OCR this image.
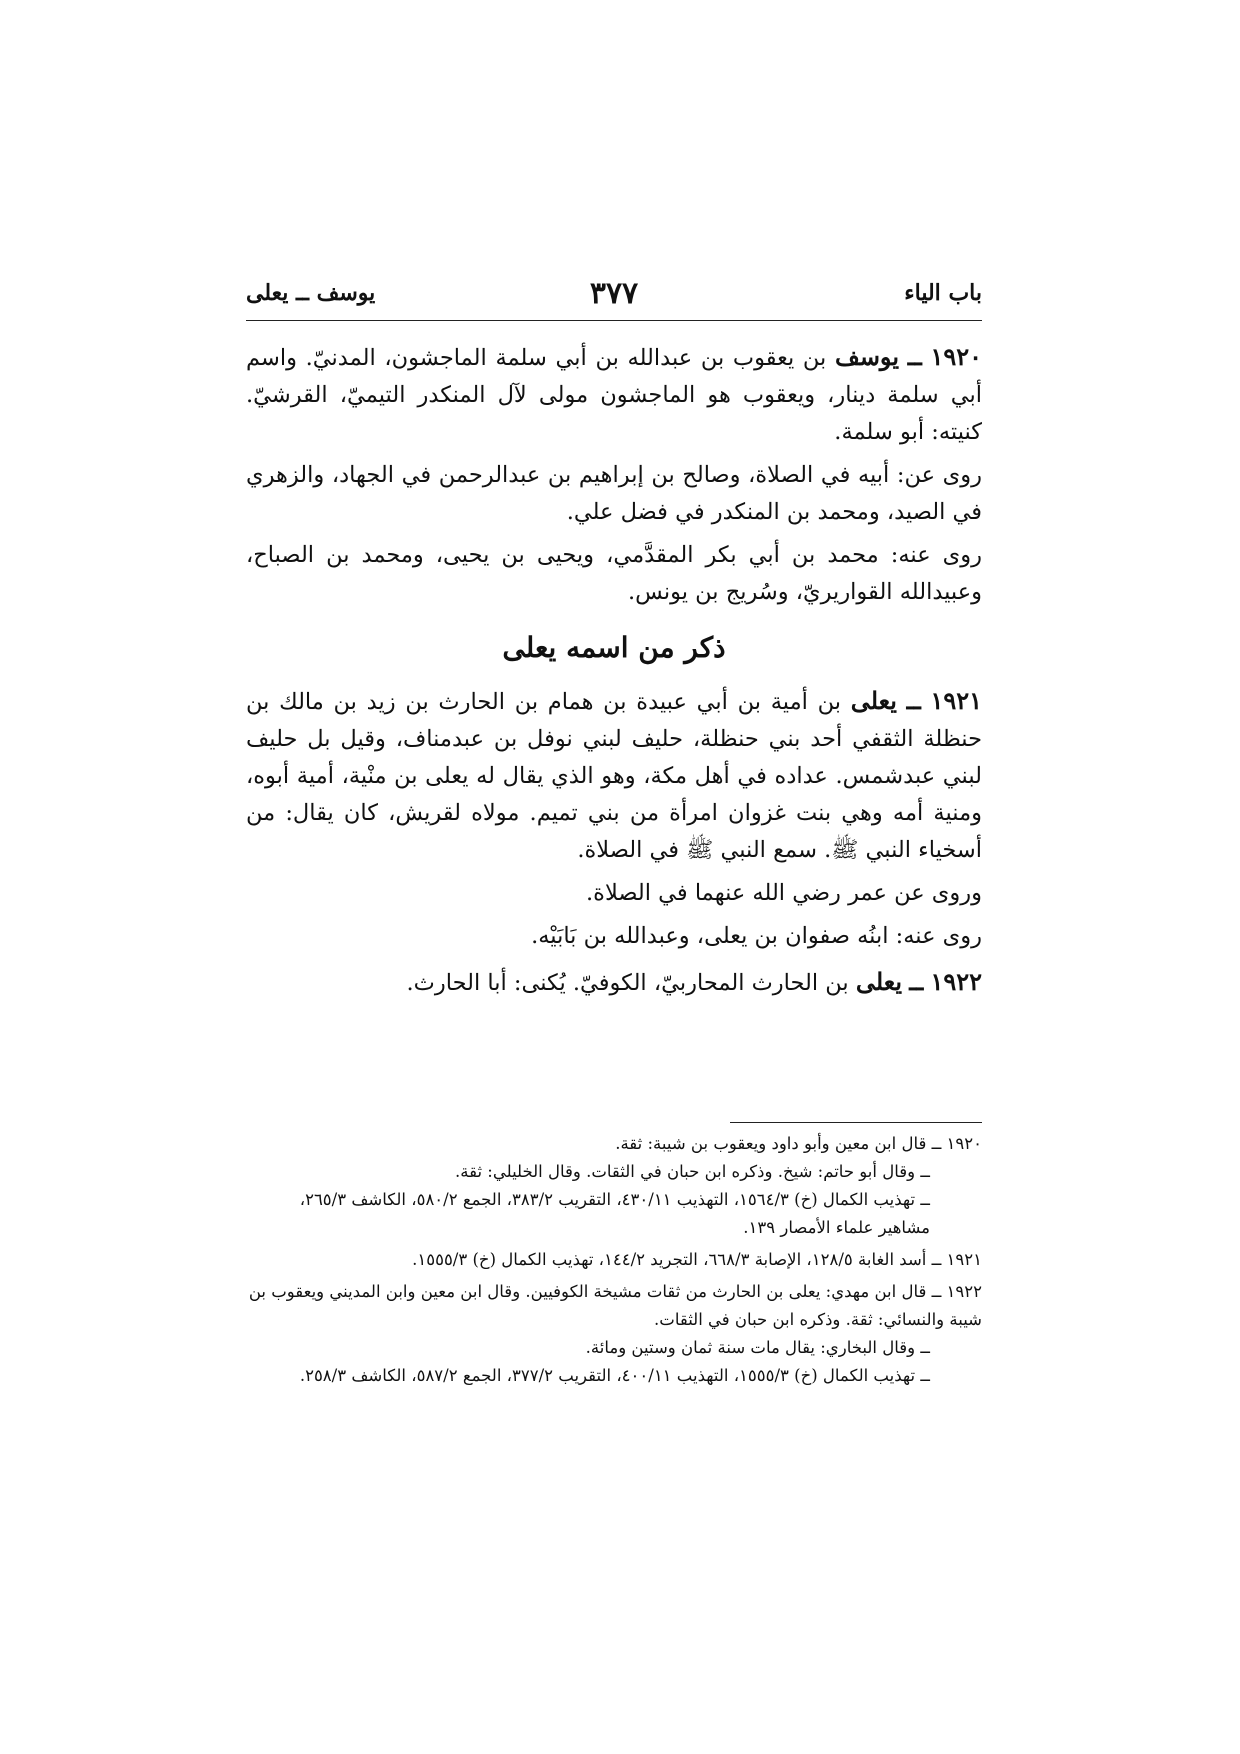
باب الياء
٣٧٧
يوسف ــ يعلى

١٩٢٠ ــ يوسف بن يعقوب بن عبدالله بن أبي سلمة الماجشون، المدنيّ. واسم أبي سلمة دينار، ويعقوب هو الماجشون مولى لآل المنكدر التيميّ، القرشيّ. كنيته: أبو سلمة.

روى عن: أبيه في الصلاة، وصالح بن إبراهيم بن عبدالرحمن في الجهاد، والزهري في الصيد، ومحمد بن المنكدر في فضل علي.

روى عنه: محمد بن أبي بكر المقدَّمي، ويحيى بن يحيى، ومحمد بن الصباح، وعبيدالله القواريريّ، وسُريج بن يونس.

ذكر من اسمه يعلى

١٩٢١ ــ يعلى بن أمية بن أبي عبيدة بن همام بن الحارث بن زيد بن مالك بن حنظلة الثقفي أحد بني حنظلة، حليف لبني نوفل بن عبدمناف، وقيل بل حليف لبني عبدشمس. عداده في أهل مكة، وهو الذي يقال له يعلى بن منْية، أمية أبوه، ومنية أمه وهي بنت غزوان امرأة من بني تميم. مولاه لقريش، كان يقال: من أسخياء النبي ﷺ. سمع النبي ﷺ في الصلاة.

وروى عن عمر رضي الله عنهما في الصلاة.

روى عنه: ابنُه صفوان بن يعلى، وعبدالله بن بَابَيْه.

١٩٢٢ ــ يعلى بن الحارث المحاربيّ، الكوفيّ. يُكنى: أبا الحارث.

١٩٢٠ ــ قال ابن معين وأبو داود ويعقوب بن شيبة: ثقة.
ــ وقال أبو حاتم: شيخ. وذكره ابن حبان في الثقات. وقال الخليلي: ثقة.
ــ تهذيب الكمال (خ) ١٥٦٤/٣، التهذيب ٤٣٠/١١، التقريب ٣٨٣/٢، الجمع ٥٨٠/٢، الكاشف ٢٦٥/٣، مشاهير علماء الأمصار ١٣٩.
١٩٢١ ــ أسد الغابة ١٢٨/٥، الإصابة ٦٦٨/٣، التجريد ١٤٤/٢، تهذيب الكمال (خ) ١٥٥٥/٣.
١٩٢٢ ــ قال ابن مهدي: يعلى بن الحارث من ثقات مشيخة الكوفيين. وقال ابن معين وابن المديني ويعقوب بن شيبة والنسائي: ثقة. وذكره ابن حبان في الثقات.
ــ وقال البخاري: يقال مات سنة ثمان وستين ومائة.
ــ تهذيب الكمال (خ) ١٥٥٥/٣، التهذيب ٤٠٠/١١، التقريب ٣٧٧/٢، الجمع ٥٨٧/٢، الكاشف ٢٥٨/٣.
